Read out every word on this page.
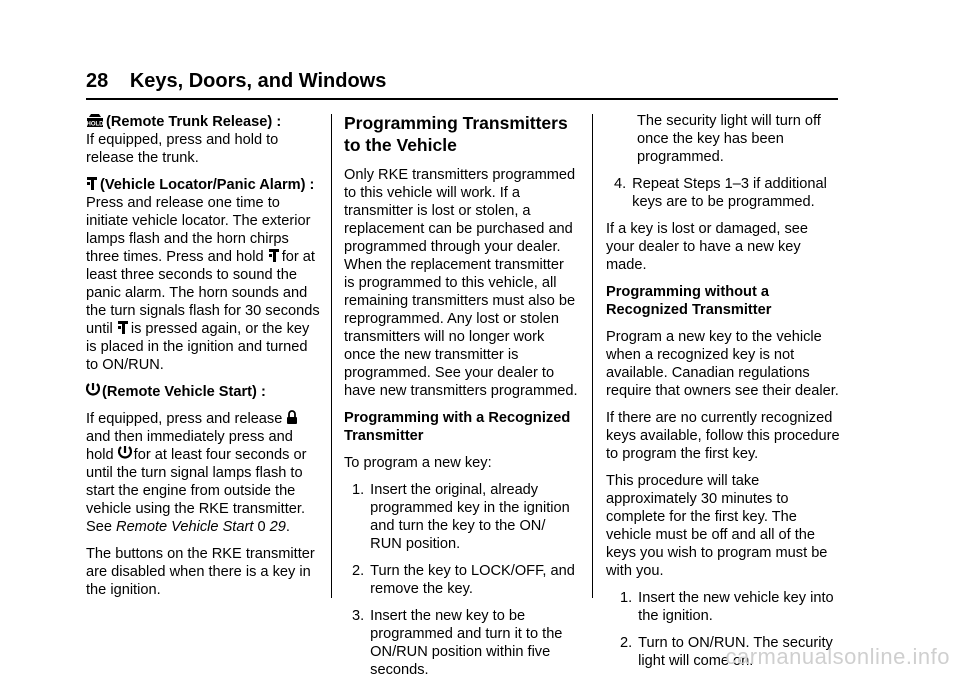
28 Keys, Doors, and Windows

HOLD (Remote Trunk Release) :
If equipped, press and hold to release the trunk.

(Vehicle Locator/Panic Alarm) : Press and release one time to initiate vehicle locator. The exterior lamps flash and the horn chirps three times. Press and hold
for at least three seconds to sound the panic alarm. The horn sounds and the turn signals flash for 30 seconds until
is pressed again, or the key is placed in the ignition and turned to ON/RUN.

(Remote Vehicle Start) :

If equipped, press and release
and then immediately press and hold
for at least four seconds or until the turn signal lamps flash to start the engine from outside the vehicle using the RKE transmitter. See Remote Vehicle Start 0 29.

The buttons on the RKE transmitter are disabled when there is a key in the ignition.

Programming Transmitters to the Vehicle

Only RKE transmitters programmed to this vehicle will work. If a transmitter is lost or stolen, a replacement can be purchased and programmed through your dealer. When the replacement transmitter is programmed to this vehicle, all remaining transmitters must also be reprogrammed. Any lost or stolen transmitters will no longer work once the new transmitter is programmed. See your dealer to have new transmitters programmed.

Programming with a Recognized Transmitter

To program a new key:

1. Insert the original, already programmed key in the ignition and turn the key to the ON/ RUN position.
2. Turn the key to LOCK/OFF, and remove the key.
3. Insert the new key to be programmed and turn it to the ON/RUN position within five seconds.

The security light will turn off once the key has been programmed.

4. Repeat Steps 1–3 if additional keys are to be programmed.

If a key is lost or damaged, see your dealer to have a new key made.

Programming without a Recognized Transmitter

Program a new key to the vehicle when a recognized key is not available. Canadian regulations require that owners see their dealer.

If there are no currently recognized keys available, follow this procedure to program the first key.

This procedure will take approximately 30 minutes to complete for the first key. The vehicle must be off and all of the keys you wish to program must be with you.

1. Insert the new vehicle key into the ignition.
2. Turn to ON/RUN. The security light will come on.
carmanualsonline.info
